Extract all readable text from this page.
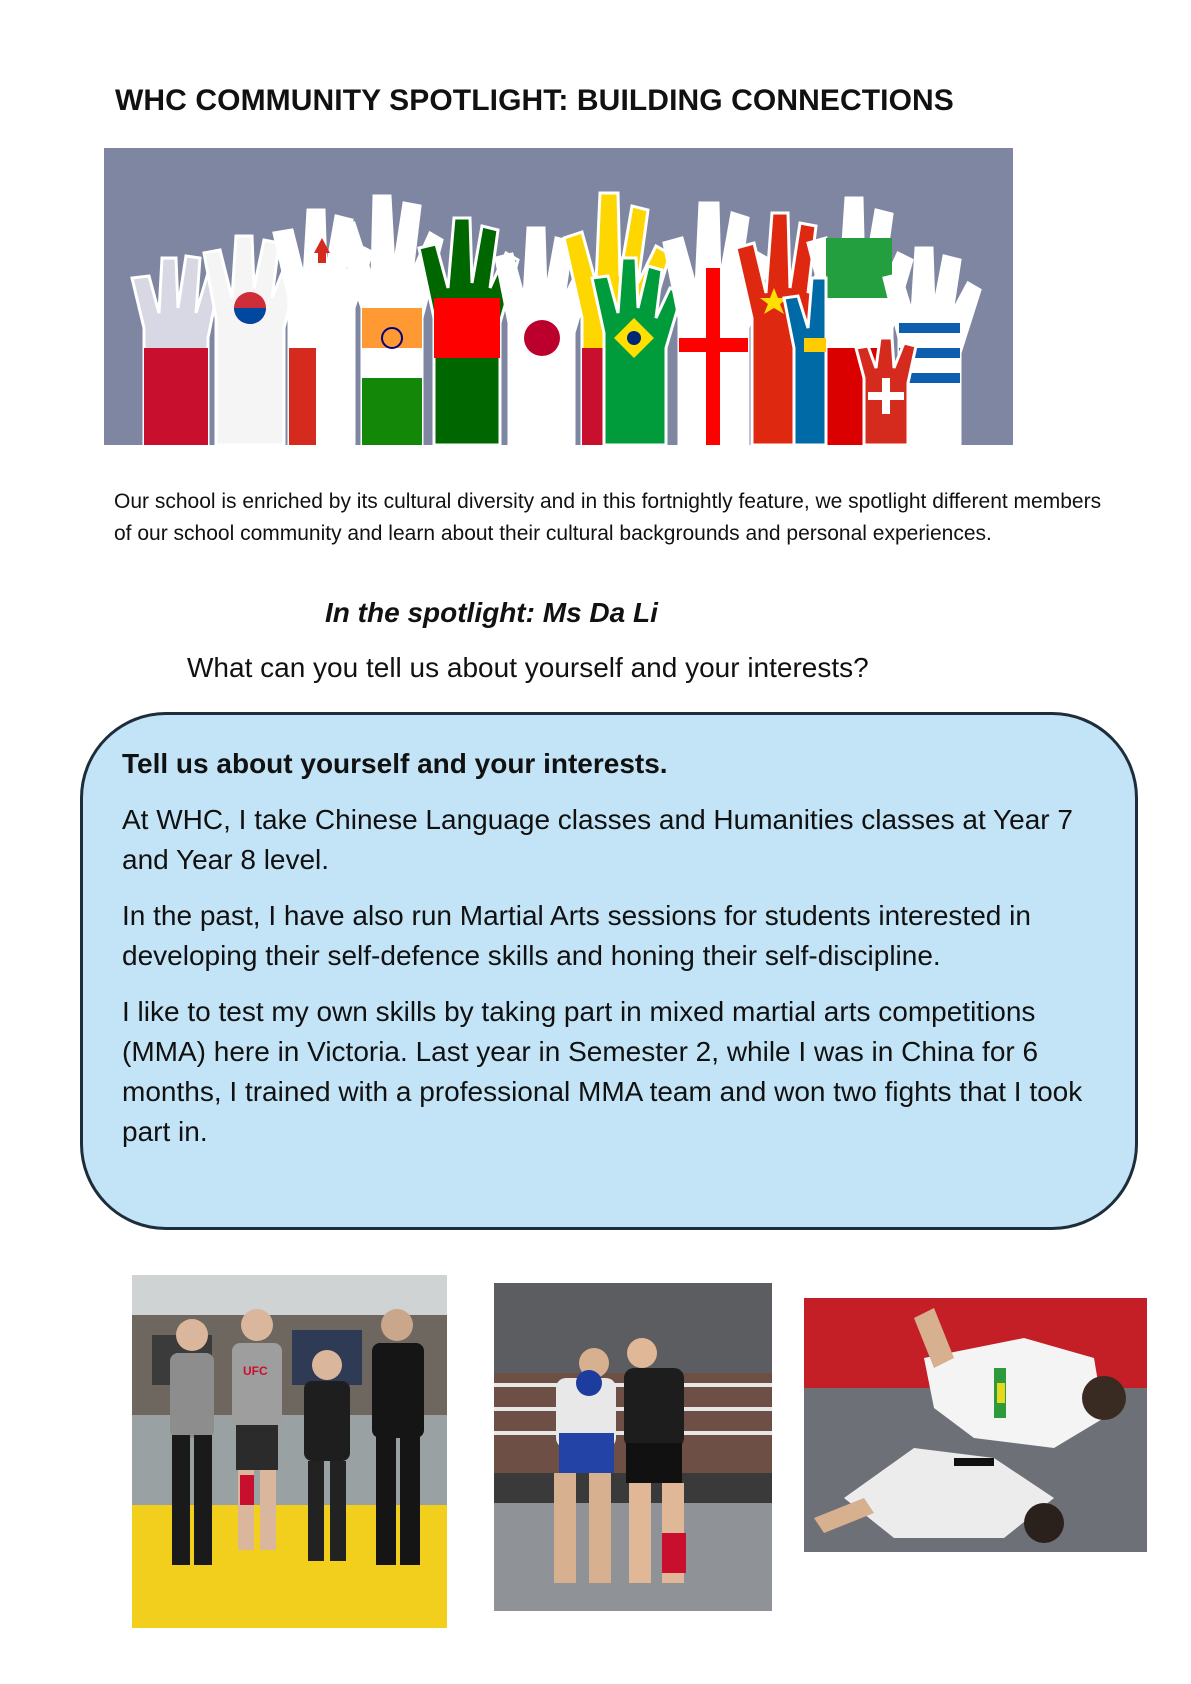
WHC COMMUNITY SPOTLIGHT: BUILDING CONNECTIONS
Our school is enriched by its cultural diversity and in this fortnightly feature, we spotlight different members of our school community and learn about their cultural backgrounds and personal experiences.
In the spotlight: Ms Da Li
What can you tell us about yourself and your interests?
Tell us about yourself and your interests.
At WHC, I take Chinese Language classes and Humanities classes at Year 7 and Year 8 level.
In the past, I have also run Martial Arts sessions for students interested in developing their self-defence skills and honing their self-discipline.
I like to test my own skills by taking part in mixed martial arts competitions (MMA) here in Victoria. Last year in Semester 2, while I was in China for 6 months, I trained with a professional MMA team and won two fights that I took part in.
UFC
